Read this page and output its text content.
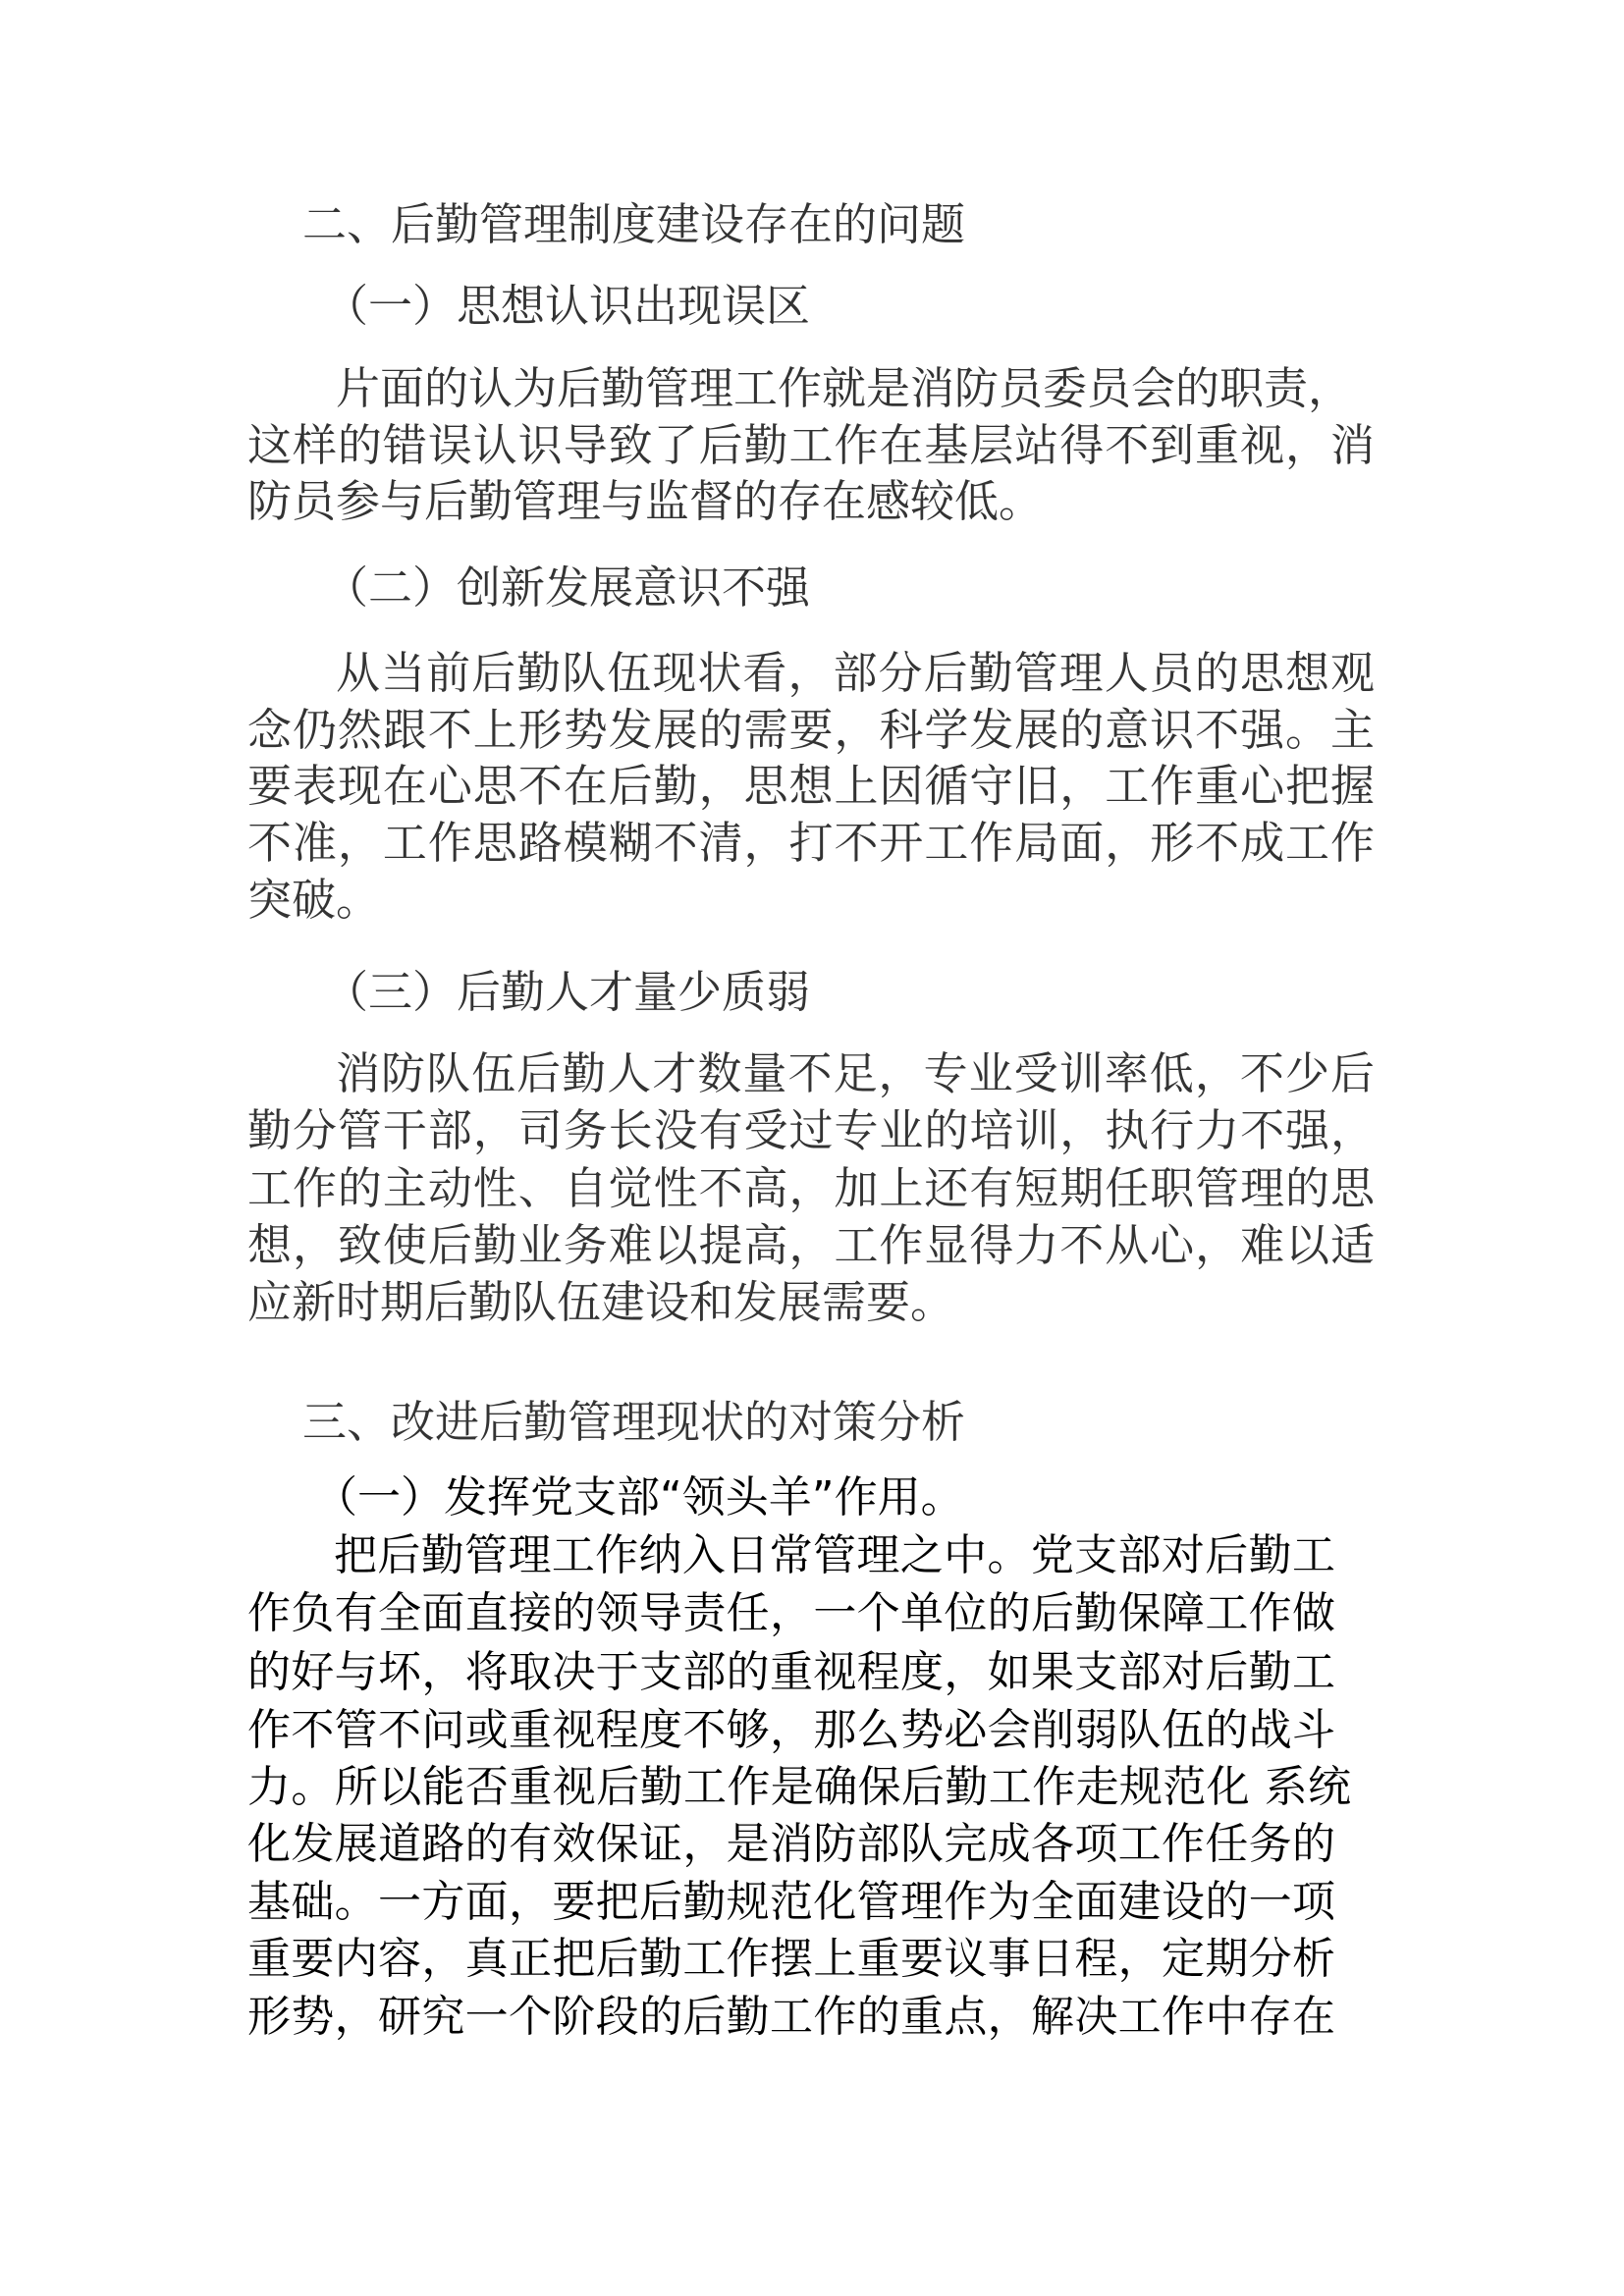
二、后勤管理制度建设存在的问题
（一）思想认识出现误区
片面的认为后勤管理工作就是消防员委员会的职责，
这样的错误认识导致了后勤工作在基层站得不到重视，消
防员参与后勤管理与监督的存在感较低。
（二）创新发展意识不强
从当前后勤队伍现状看，部分后勤管理人员的思想观
念仍然跟不上形势发展的需要，科学发展的意识不强。主
要表现在心思不在后勤，思想上因循守旧，工作重心把握
不准，工作思路模糊不清，打不开工作局面，形不成工作
突破。
（三）后勤人才量少质弱
消防队伍后勤人才数量不足，专业受训率低，不少后
勤分管干部，司务长没有受过专业的培训，执行力不强，
工作的主动性、自觉性不高，加上还有短期任职管理的思
想，致使后勤业务难以提高，工作显得力不从心，难以适
应新时期后勤队伍建设和发展需要。
三、改进后勤管理现状的对策分析
（一）发挥党支部“领头羊”作用。
把后勤管理工作纳入日常管理之中。党支部对后勤工
作负有全面直接的领导责任，一个单位的后勤保障工作做
的好与坏，将取决于支部的重视程度，如果支部对后勤工
作不管不问或重视程度不够，那么势必会削弱队伍的战斗
力。所以能否重视后勤工作是确保后勤工作走规范化 系统
化发展道路的有效保证，是消防部队完成各项工作任务的
基础。一方面，要把后勤规范化管理作为全面建设的一项
重要内容，真正把后勤工作摆上重要议事日程，定期分析
形势，研究一个阶段的后勤工作的重点，解决工作中存在
